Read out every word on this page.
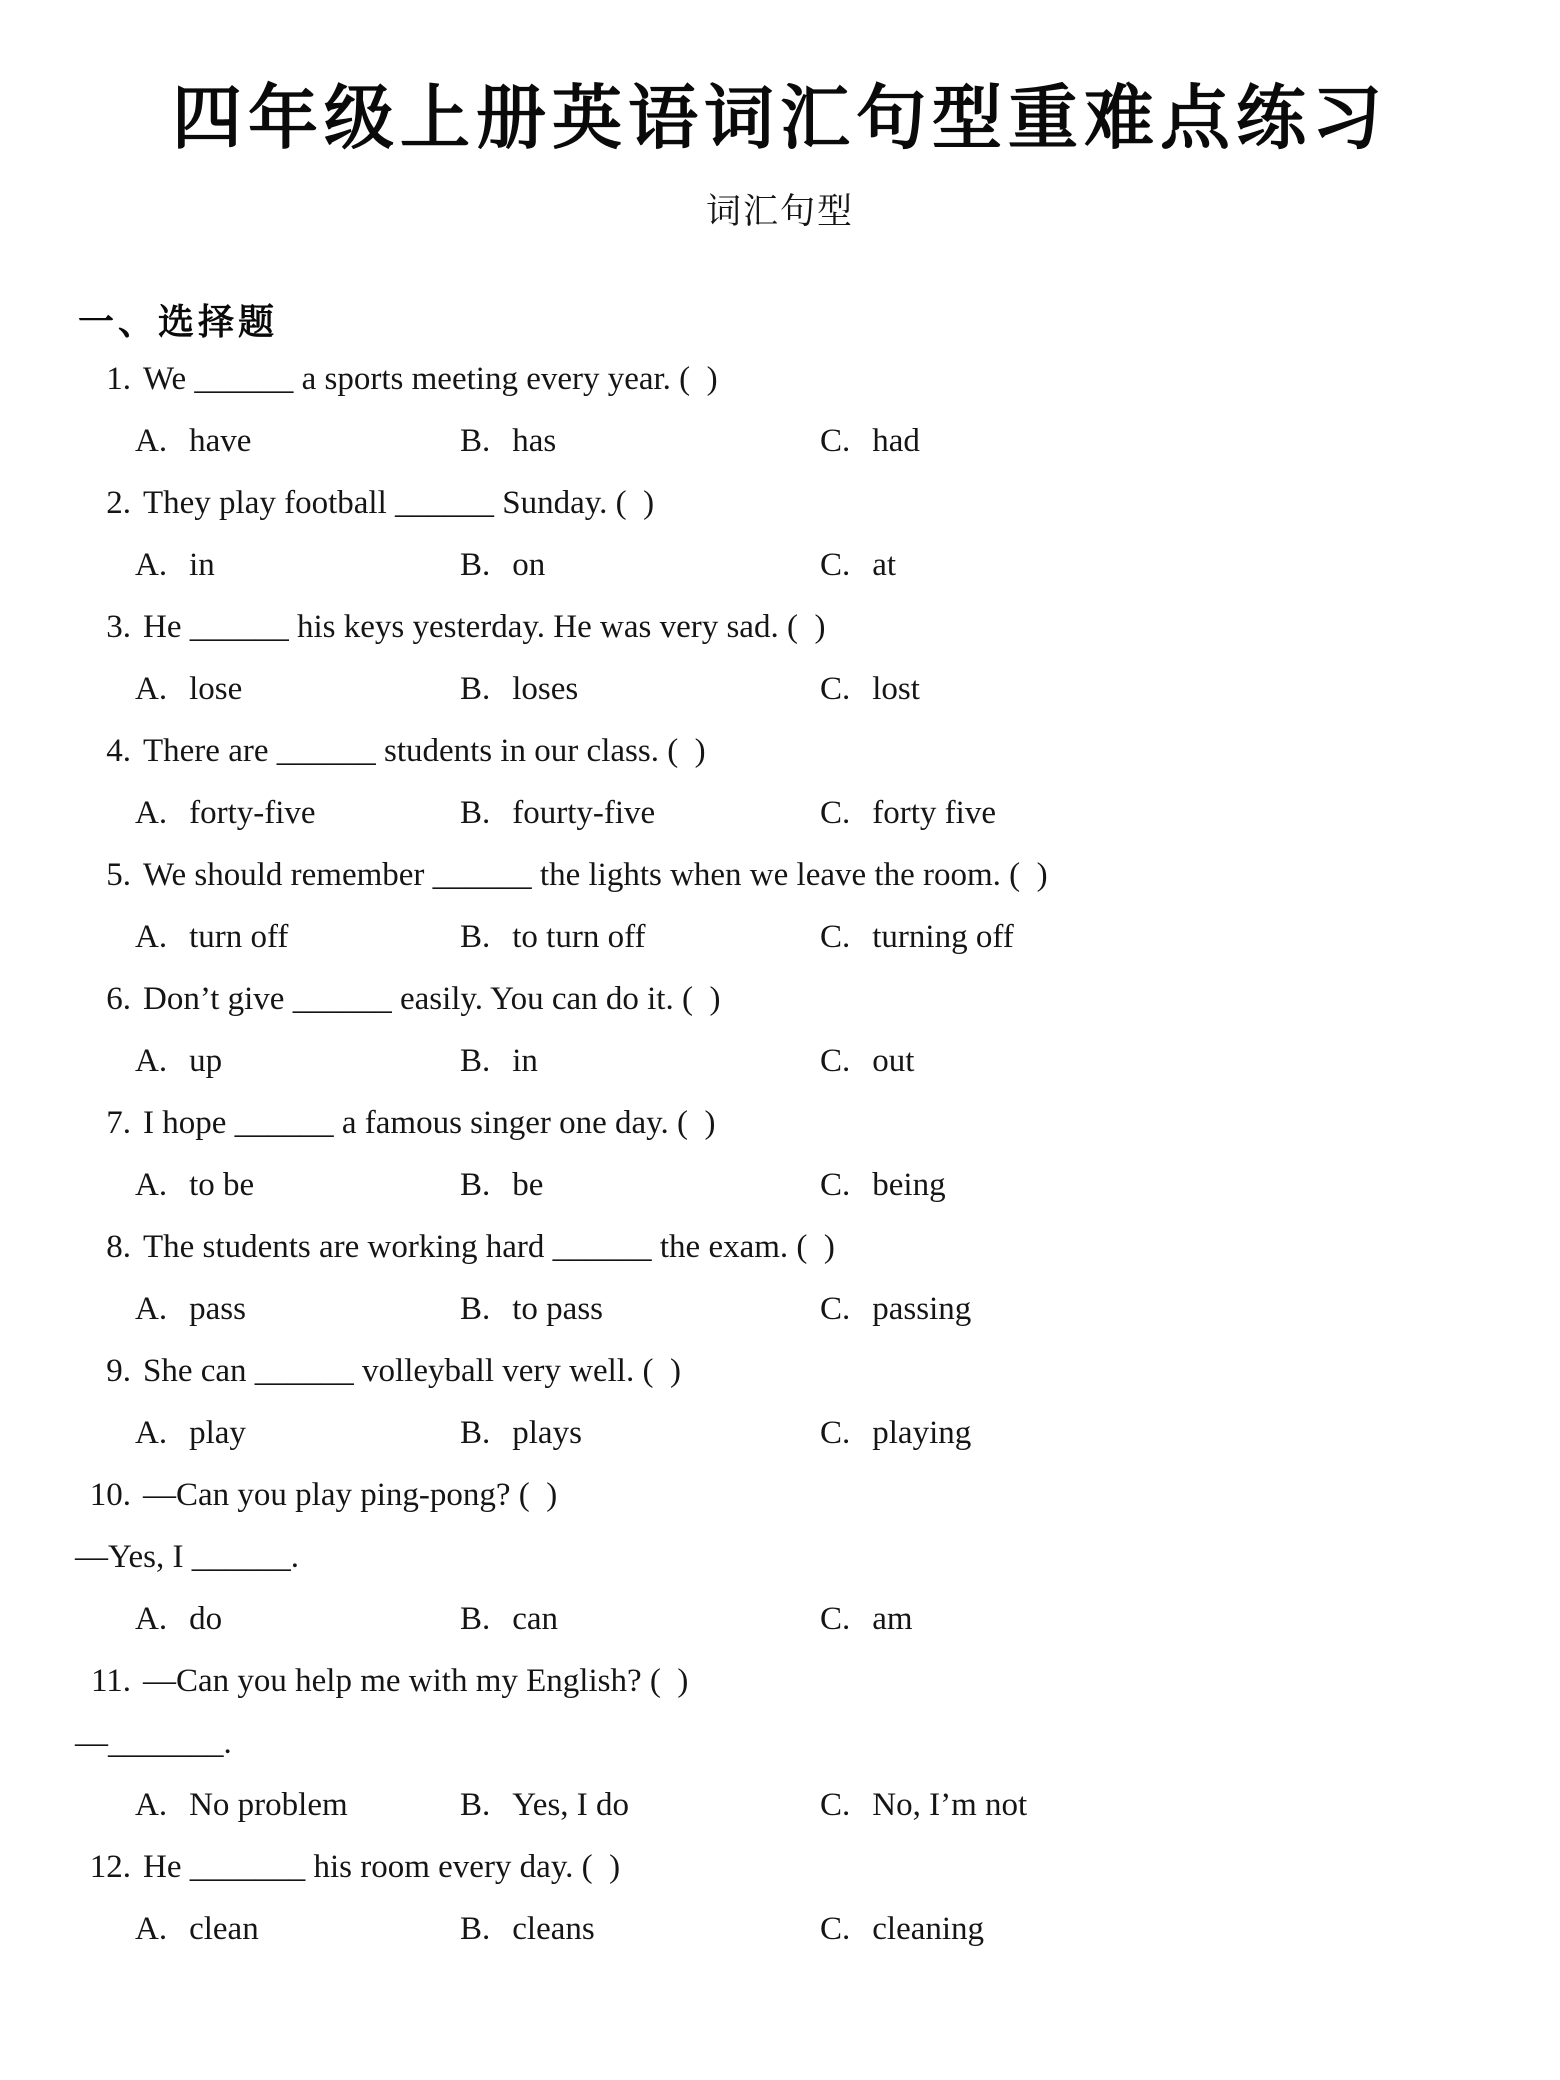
四年级上册英语词汇句型重难点练习
词汇句型
一、选择题
1. We ______ a sports meeting every year. (  )
A. have	B. has	C. had
2. They play football ______ Sunday. (  )
A. in	B. on	C. at
3. He ______ his keys yesterday. He was very sad. (  )
A. lose	B. loses	C. lost
4. There are ______ students in our class. (  )
A. forty-five	B. fourty-five	C. forty five
5. We should remember ______ the lights when we leave the room. (  )
A. turn off	B. to turn off	C. turning off
6. Don’t give ______ easily. You can do it. (  )
A. up	B. in	C. out
7. I hope ______ a famous singer one day. (  )
A. to be	B. be	C. being
8. The students are working hard ______ the exam. (  )
A. pass	B. to pass	C. passing
9. She can ______ volleyball very well. (  )
A. play	B. plays	C. playing
10. —Can you play ping-pong? (  )
—Yes, I ______.
A. do	B. can	C. am
11. —Can you help me with my English? (  )
—_______.
A. No problem	B. Yes, I do	C. No, I’m not
12. He _______ his room every day. (  )
A. clean	B. cleans	C. cleaning
